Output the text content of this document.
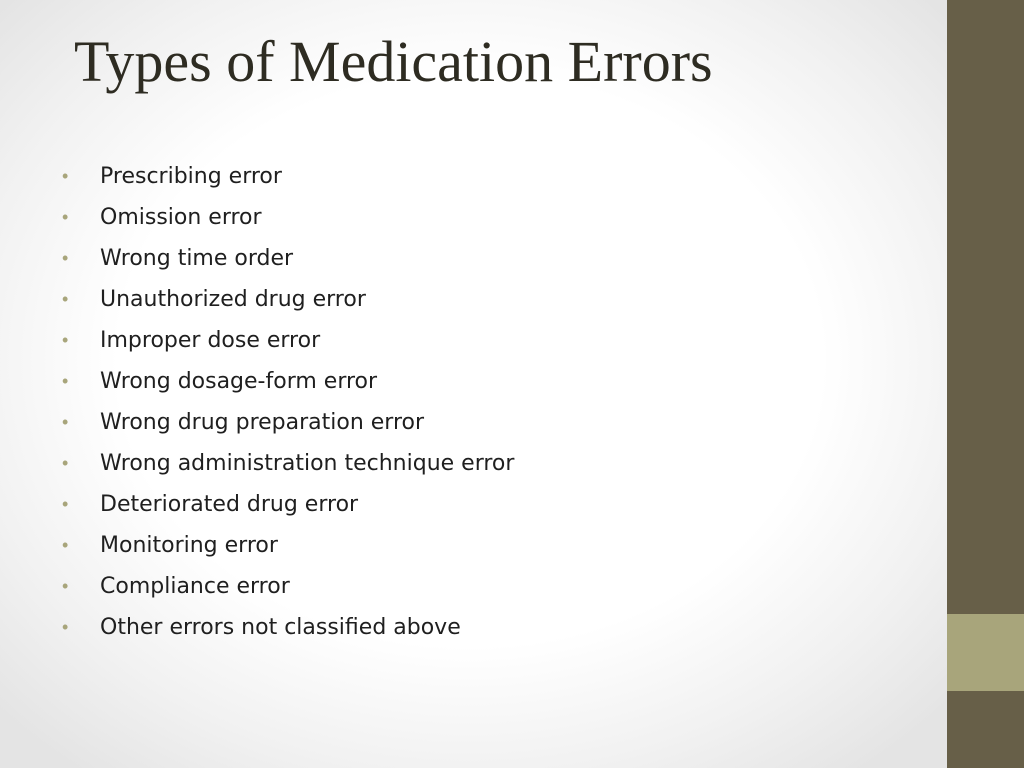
Types of Medication Errors
•	Prescribing error
•	Omission error
•	Wrong time order
•	Unauthorized drug error
•	Improper dose error
•	Wrong dosage-form error
•	Wrong drug preparation error
•	Wrong administration technique error
•	Deteriorated drug error
•	Monitoring error
•	Compliance error
•	Other errors not classified above
